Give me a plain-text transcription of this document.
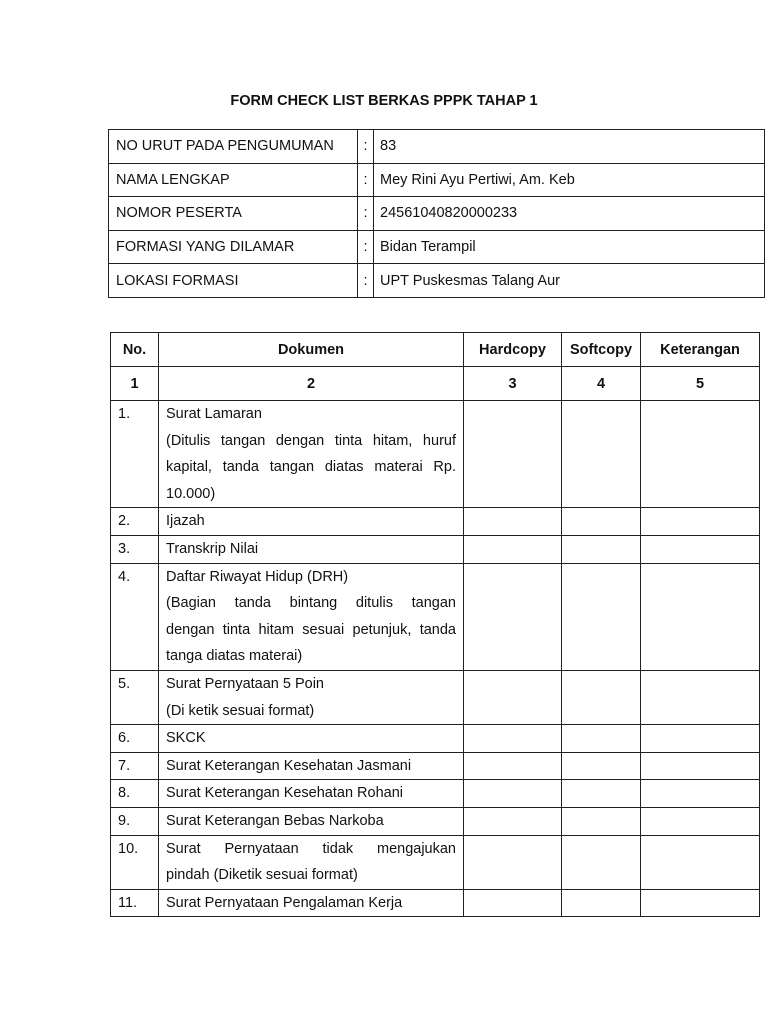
FORM CHECK LIST BERKAS PPPK TAHAP 1
NO URUT PADA PENGUMUMAN	:	83
NAMA LENGKAP	:	Mey Rini Ayu Pertiwi, Am. Keb
NOMOR PESERTA	:	24561040820000233
FORMASI YANG DILAMAR	:	Bidan Terampil
LOKASI FORMASI	:	UPT Puskesmas Talang Aur
No.	Dokumen	Hardcopy	Softcopy	Keterangan
1	2	3	4	5

1.	Surat Lamaran
(Ditulis tangan dengan tinta hitam, huruf
kapital, tanda tangan diatas materai Rp.
10.000)			

2.	Ijazah			

3.	Transkrip Nilai			

4.	Daftar Riwayat Hidup (DRH)
(Bagian tanda bintang ditulis tangan
dengan tinta hitam sesuai petunjuk, tanda
tanga diatas materai)			

5.	Surat Pernyataan 5 Poin
(Di ketik sesuai format)			

6.	SKCK			

7.	Surat Keterangan Kesehatan Jasmani			

8.	Surat Keterangan Kesehatan Rohani			

9.	Surat Keterangan Bebas Narkoba			

10.	Surat Pernyataan tidak mengajukan
pindah (Diketik sesuai format)			

11.	Surat Pernyataan Pengalaman Kerja			
